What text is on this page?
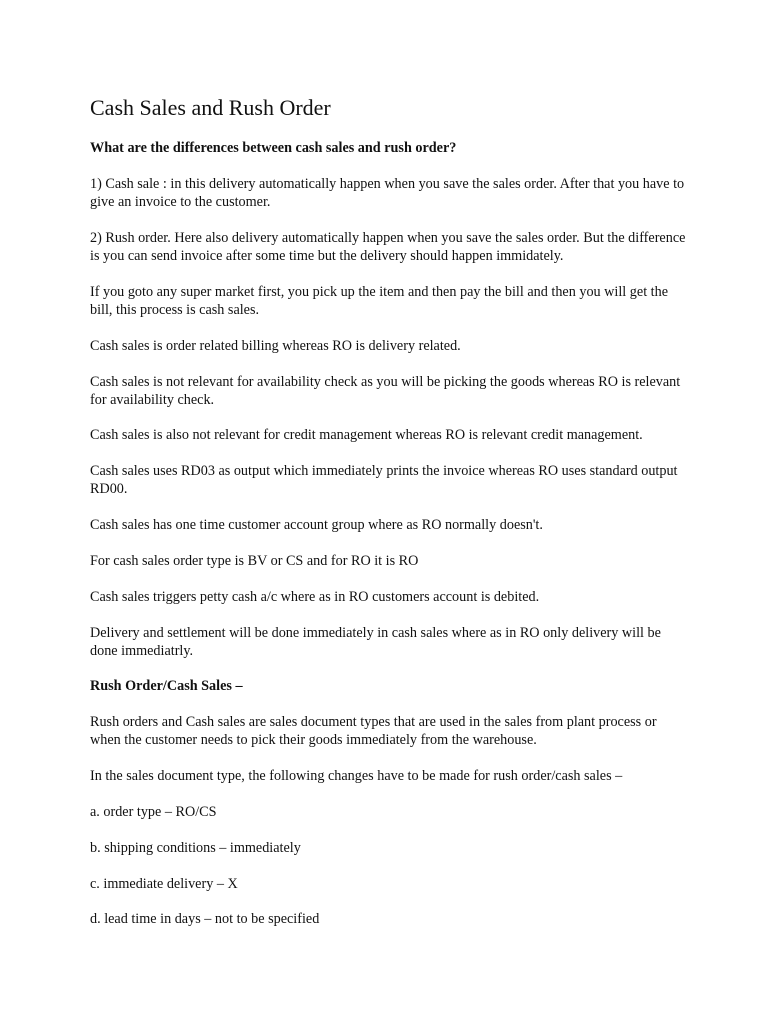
Cash Sales and Rush Order

What are the differences between cash sales and rush order?

1) Cash sale : in this delivery automatically happen when you save the sales order. After that you have to give an invoice to the customer.

2) Rush order. Here also delivery automatically happen when you save the sales order. But the difference is you can send invoice after some time but the delivery should happen immidately.

If you goto any super market first, you pick up the item and then pay the bill and then you will get the bill, this process is cash sales.

Cash sales is order related billing whereas RO is delivery related.

Cash sales is not relevant for availability check as you will be picking the goods whereas RO is relevant for availability check.

Cash sales is also not relevant for credit management whereas RO is relevant credit management.

Cash sales uses RD03 as output which immediately prints the invoice whereas RO uses standard output RD00.

Cash sales has one time customer account group where as RO normally doesn't.

For cash sales order type is BV or CS and for RO it is RO

Cash sales triggers petty cash a/c where as in RO customers account is debited.

Delivery and settlement will be done immediately in cash sales where as in RO only delivery will be done immediatrly.

Rush Order/Cash Sales –

Rush orders and Cash sales are sales document types that are used in the sales from plant process or when the customer needs to pick their goods immediately from the warehouse.

In the sales document type, the following changes have to be made for rush order/cash sales –

a. order type – RO/CS

b. shipping conditions – immediately

c. immediate delivery – X

d. lead time in days – not to be specified
